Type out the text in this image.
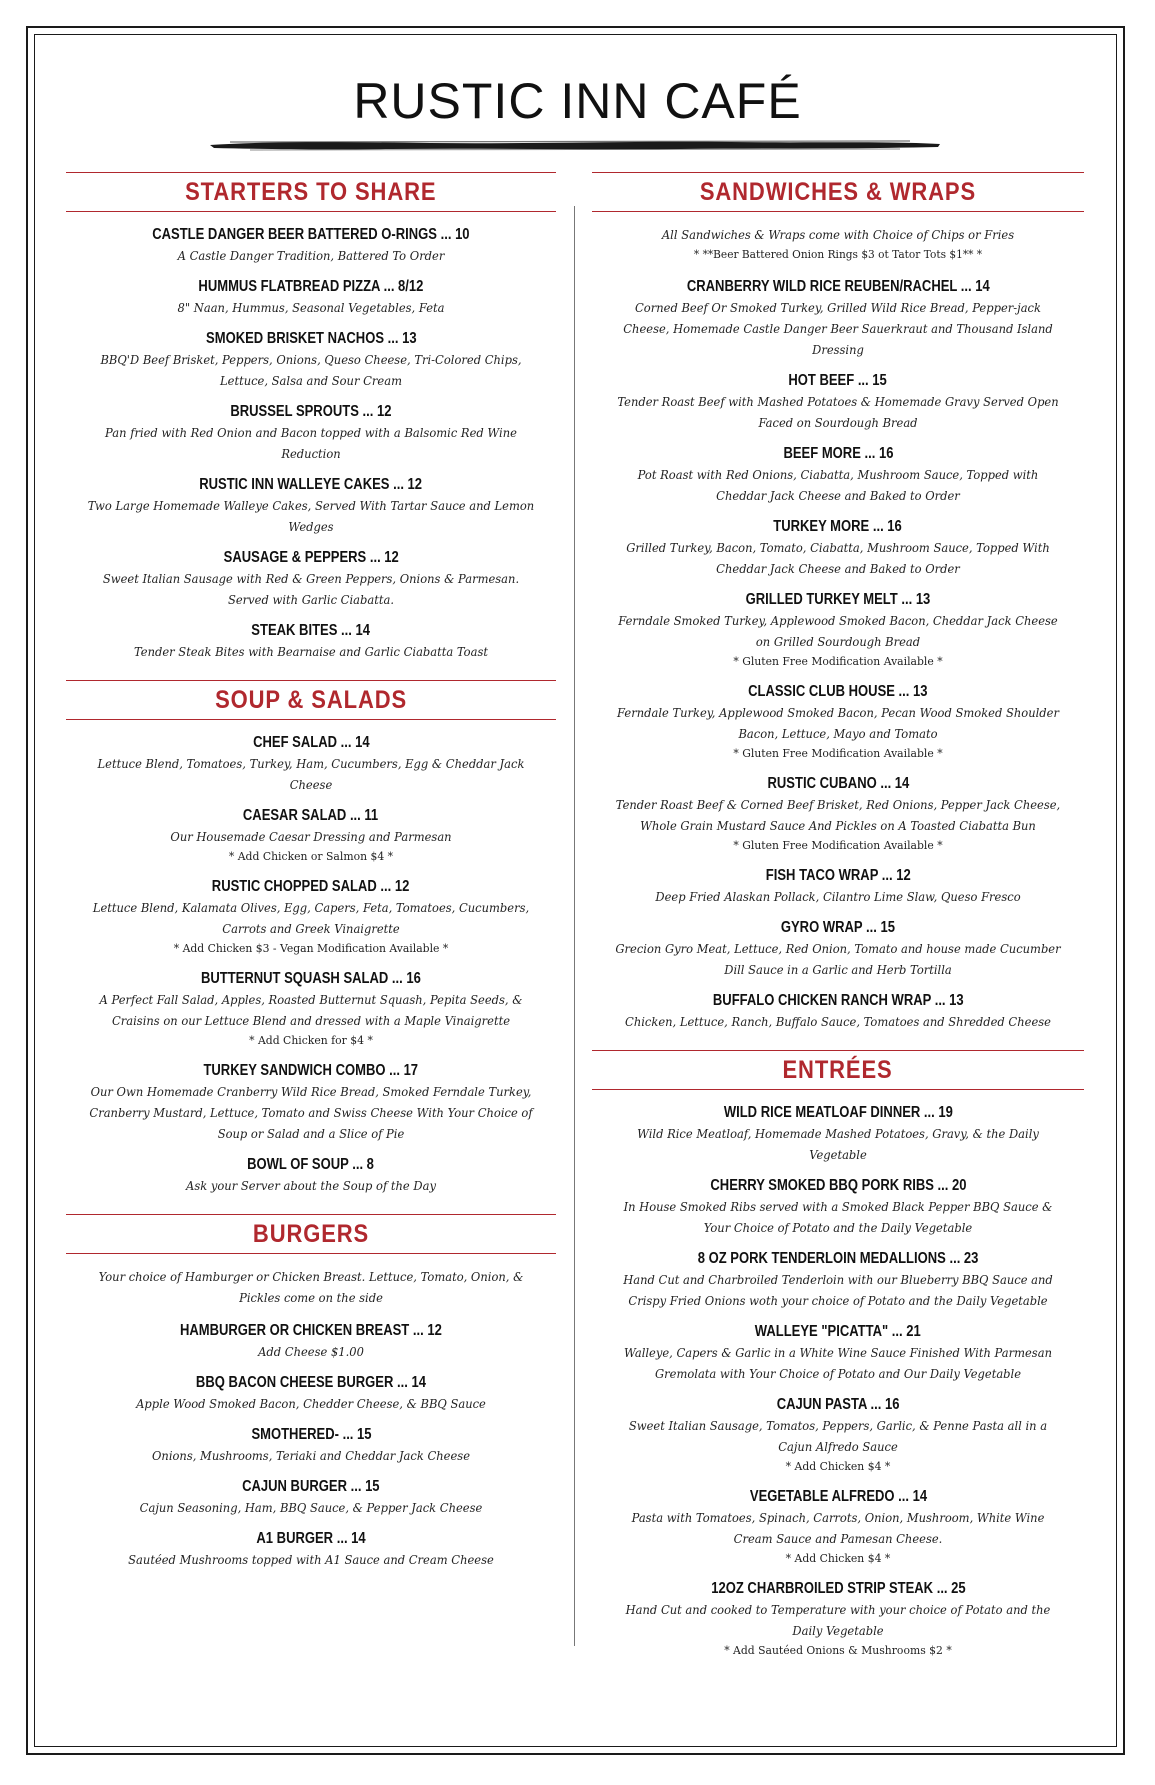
RUSTIC INN CAFÉ
STARTERS TO SHARE
CASTLE DANGER BEER BATTERED O-RINGS ... 10
A Castle Danger Tradition, Battered To Order
HUMMUS FLATBREAD PIZZA ... 8/12
8" Naan, Hummus, Seasonal Vegetables, Feta
SMOKED BRISKET NACHOS ... 13
BBQ'D Beef Brisket, Peppers, Onions, Queso Cheese, Tri-Colored Chips, Lettuce, Salsa and Sour Cream
BRUSSEL SPROUTS ... 12
Pan fried with Red Onion and Bacon topped with a Balsomic Red Wine Reduction
RUSTIC INN WALLEYE CAKES ... 12
Two Large Homemade Walleye Cakes, Served With Tartar Sauce and Lemon Wedges
SAUSAGE & PEPPERS ... 12
Sweet Italian Sausage with Red & Green Peppers, Onions & Parmesan. Served with Garlic Ciabatta.
STEAK BITES ... 14
Tender Steak Bites with Bearnaise and Garlic Ciabatta Toast
SOUP & SALADS
CHEF SALAD ... 14
Lettuce Blend, Tomatoes, Turkey, Ham, Cucumbers, Egg & Cheddar Jack Cheese
CAESAR SALAD ... 11
Our Housemade Caesar Dressing and Parmesan
* Add Chicken or Salmon $4 *
RUSTIC CHOPPED SALAD ... 12
Lettuce Blend, Kalamata Olives, Egg, Capers, Feta, Tomatoes, Cucumbers, Carrots and Greek Vinaigrette
* Add Chicken $3 - Vegan Modification Available *
BUTTERNUT SQUASH SALAD ... 16
A Perfect Fall Salad, Apples, Roasted Butternut Squash, Pepita Seeds, & Craisins on our Lettuce Blend and dressed with a Maple Vinaigrette
* Add Chicken for $4 *
TURKEY SANDWICH COMBO ... 17
Our Own Homemade Cranberry Wild Rice Bread, Smoked Ferndale Turkey, Cranberry Mustard, Lettuce, Tomato and Swiss Cheese With Your Choice of Soup or Salad and a Slice of Pie
BOWL OF SOUP ... 8
Ask your Server about the Soup of the Day
BURGERS
Your choice of Hamburger or Chicken Breast. Lettuce, Tomato, Onion, & Pickles come on the side
HAMBURGER OR CHICKEN BREAST ... 12
Add Cheese $1.00
BBQ BACON CHEESE BURGER ... 14
Apple Wood Smoked Bacon, Chedder Cheese, & BBQ Sauce
SMOTHERED- ... 15
Onions, Mushrooms, Teriaki and Cheddar Jack Cheese
CAJUN BURGER ... 15
Cajun Seasoning, Ham, BBQ Sauce, & Pepper Jack Cheese
A1 BURGER ... 14
Sautéed Mushrooms topped with A1 Sauce and Cream Cheese
SANDWICHES & WRAPS
All Sandwiches & Wraps come with Choice of Chips or Fries
* **Beer Battered Onion Rings $3 ot Tator Tots $1** *
CRANBERRY WILD RICE REUBEN/RACHEL ... 14
Corned Beef Or Smoked Turkey, Grilled Wild Rice Bread, Pepper-jack Cheese, Homemade Castle Danger Beer Sauerkraut and Thousand Island Dressing
HOT BEEF ... 15
Tender Roast Beef with Mashed Potatoes & Homemade Gravy Served Open Faced on Sourdough Bread
BEEF MORE ... 16
Pot Roast with Red Onions, Ciabatta, Mushroom Sauce, Topped with Cheddar Jack Cheese and Baked to Order
TURKEY MORE ... 16
Grilled Turkey, Bacon, Tomato, Ciabatta, Mushroom Sauce, Topped With Cheddar Jack Cheese and Baked to Order
GRILLED TURKEY MELT ... 13
Ferndale Smoked Turkey, Applewood Smoked Bacon, Cheddar Jack Cheese on Grilled Sourdough Bread
* Gluten Free Modification Available *
CLASSIC CLUB HOUSE ... 13
Ferndale Turkey, Applewood Smoked Bacon, Pecan Wood Smoked Shoulder Bacon, Lettuce, Mayo and Tomato
* Gluten Free Modification Available *
RUSTIC CUBANO ... 14
Tender Roast Beef & Corned Beef Brisket, Red Onions, Pepper Jack Cheese, Whole Grain Mustard Sauce And Pickles on A Toasted Ciabatta Bun
* Gluten Free Modification Available *
FISH TACO WRAP ... 12
Deep Fried Alaskan Pollack, Cilantro Lime Slaw, Queso Fresco
GYRO WRAP ... 15
Grecion Gyro Meat, Lettuce, Red Onion, Tomato and house made Cucumber Dill Sauce in a Garlic and Herb Tortilla
BUFFALO CHICKEN RANCH WRAP ... 13
Chicken, Lettuce, Ranch, Buffalo Sauce, Tomatoes and Shredded Cheese
ENTRÉES
WILD RICE MEATLOAF DINNER ... 19
Wild Rice Meatloaf, Homemade Mashed Potatoes, Gravy, & the Daily Vegetable
CHERRY SMOKED BBQ PORK RIBS ... 20
In House Smoked Ribs served with a Smoked Black Pepper BBQ Sauce & Your Choice of Potato and the Daily Vegetable
8 OZ PORK TENDERLOIN MEDALLIONS ... 23
Hand Cut and Charbroiled Tenderloin with our Blueberry BBQ Sauce and Crispy Fried Onions woth your choice of Potato and the Daily Vegetable
WALLEYE "PICATTA" ... 21
Walleye, Capers & Garlic in a White Wine Sauce Finished With Parmesan Gremolata with Your Choice of Potato and Our Daily Vegetable
CAJUN PASTA ... 16
Sweet Italian Sausage, Tomatos, Peppers, Garlic, & Penne Pasta all in a Cajun Alfredo Sauce
* Add Chicken $4 *
VEGETABLE ALFREDO ... 14
Pasta with Tomatoes, Spinach, Carrots, Onion, Mushroom, White Wine Cream Sauce and Pamesan Cheese.
* Add Chicken $4 *
12OZ CHARBROILED STRIP STEAK ... 25
Hand Cut and cooked to Temperature with your choice of Potato and the Daily Vegetable
* Add Sautéed Onions & Mushrooms $2 *
